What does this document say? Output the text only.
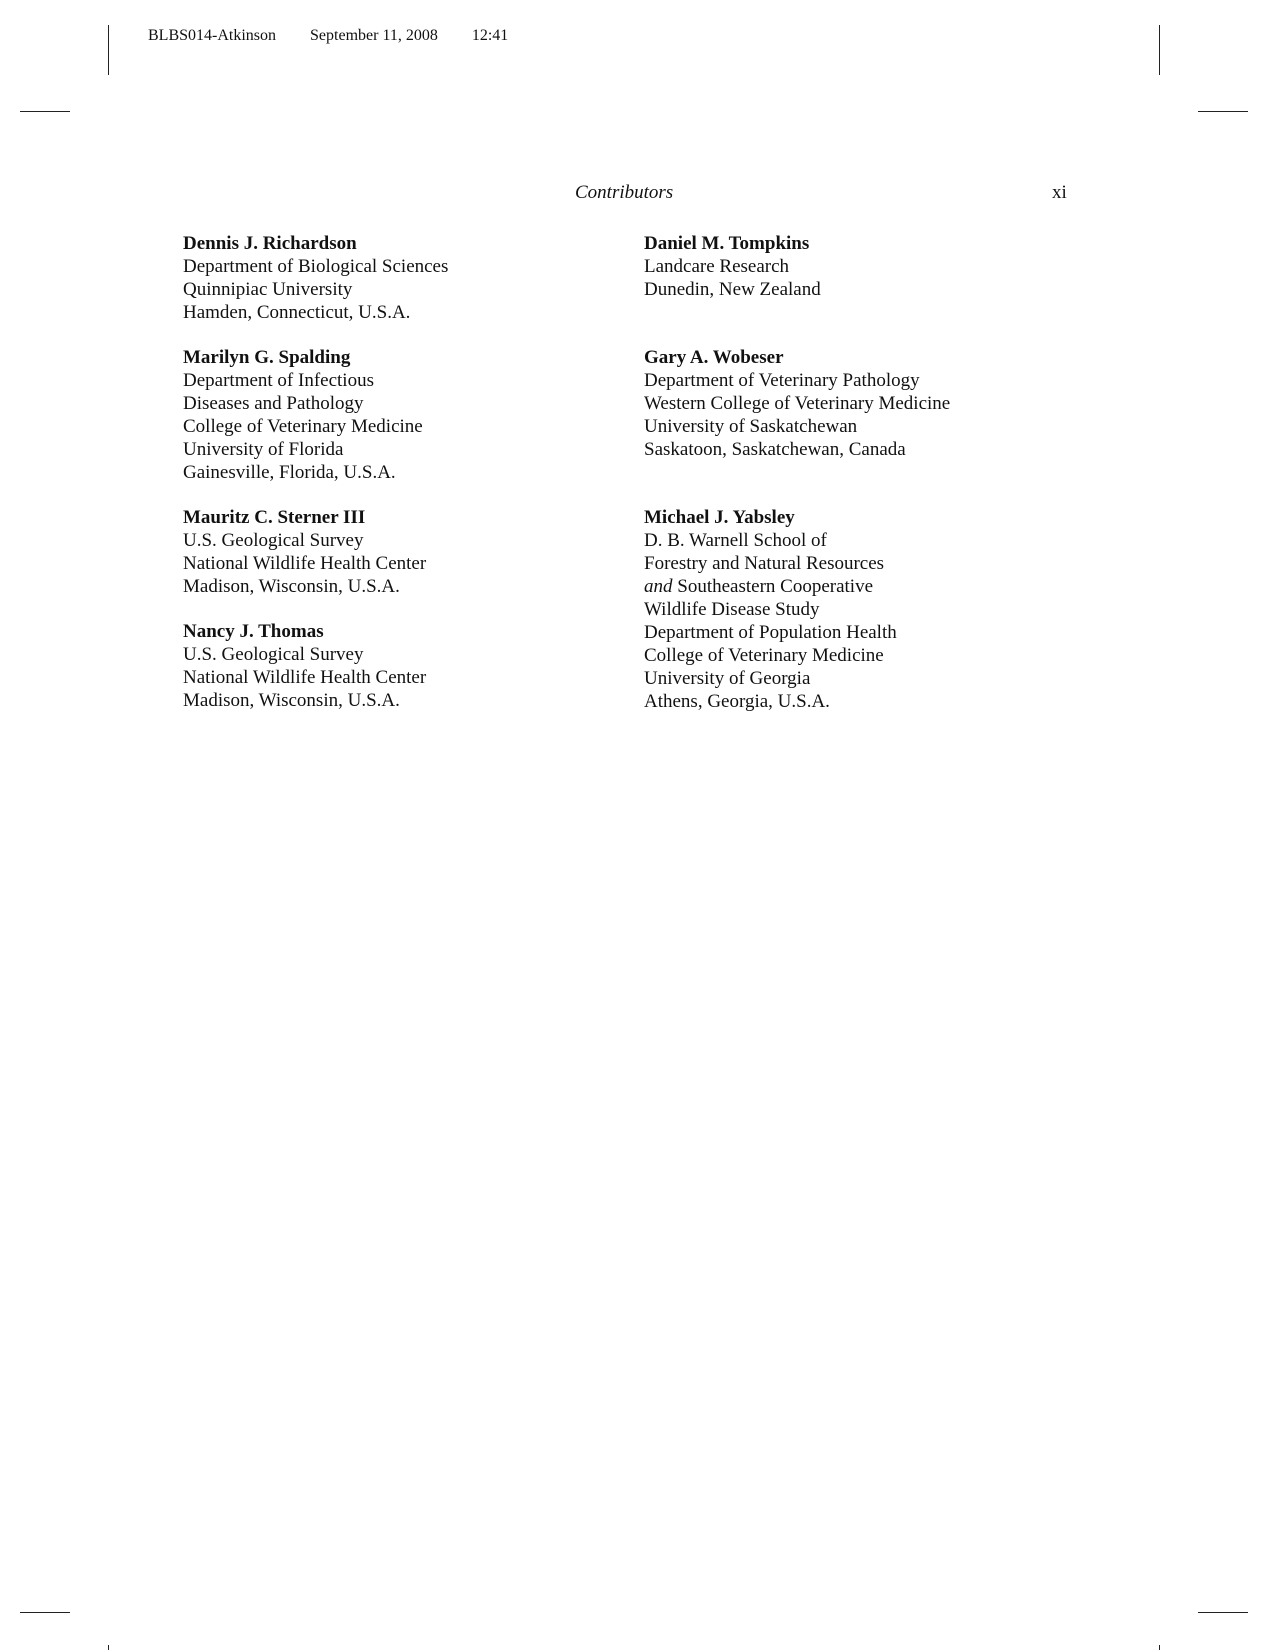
BLBS014-Atkinson September 11, 2008 12:41
Contributors	xi
Dennis J. Richardson
Department of Biological Sciences
Quinnipiac University
Hamden, Connecticut, U.S.A.
Marilyn G. Spalding
Department of Infectious
Diseases and Pathology
College of Veterinary Medicine
University of Florida
Gainesville, Florida, U.S.A.
Mauritz C. Sterner III
U.S. Geological Survey
National Wildlife Health Center
Madison, Wisconsin, U.S.A.
Nancy J. Thomas
U.S. Geological Survey
National Wildlife Health Center
Madison, Wisconsin, U.S.A.
Daniel M. Tompkins
Landcare Research
Dunedin, New Zealand
Gary A. Wobeser
Department of Veterinary Pathology
Western College of Veterinary Medicine
University of Saskatchewan
Saskatoon, Saskatchewan, Canada
Michael J. Yabsley
D. B. Warnell School of
Forestry and Natural Resources
and Southeastern Cooperative
Wildlife Disease Study
Department of Population Health
College of Veterinary Medicine
University of Georgia
Athens, Georgia, U.S.A.
